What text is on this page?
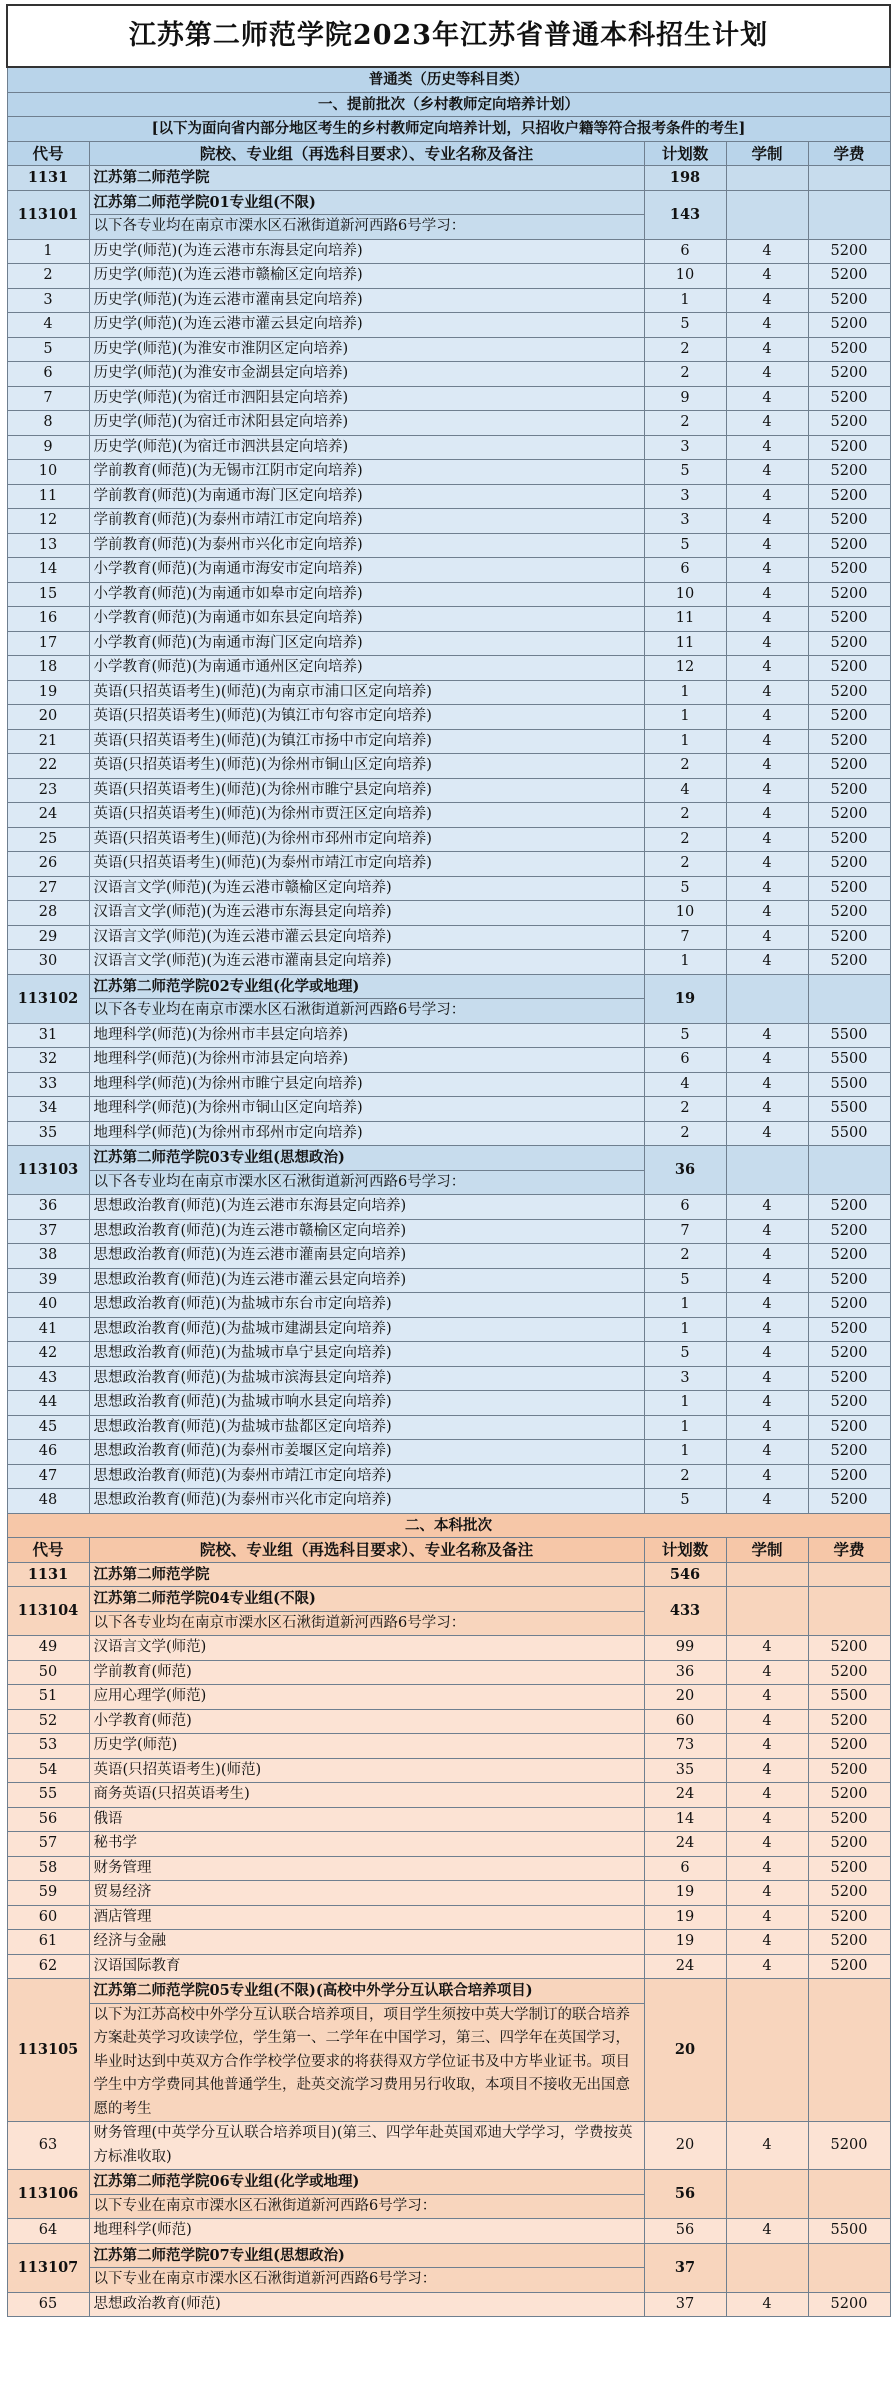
江苏第二师范学院2023年江苏省普通本科招生计划				
普通类（历史等科目类）				
一、提前批次（乡村教师定向培养计划）				
[以下为面向省内部分地区考生的乡村教师定向培养计划，只招收户籍等符合报考条件的考生]				
代号	院校、专业组（再选科目要求）、专业名称及备注	计划数	学制	学费
1131	江苏第二师范学院	198		
113101	江苏第二师范学院01专业组(不限)
以下各专业均在南京市溧水区石湫街道新河西路6号学习：	143		
1	历史学(师范)(为连云港市东海县定向培养)	6	4	5200
2	历史学(师范)(为连云港市赣榆区定向培养)	10	4	5200
3	历史学(师范)(为连云港市灌南县定向培养)	1	4	5200
4	历史学(师范)(为连云港市灌云县定向培养)	5	4	5200
5	历史学(师范)(为淮安市淮阴区定向培养)	2	4	5200
6	历史学(师范)(为淮安市金湖县定向培养)	2	4	5200
7	历史学(师范)(为宿迁市泗阳县定向培养)	9	4	5200
8	历史学(师范)(为宿迁市沭阳县定向培养)	2	4	5200
9	历史学(师范)(为宿迁市泗洪县定向培养)	3	4	5200
10	学前教育(师范)(为无锡市江阴市定向培养)	5	4	5200
11	学前教育(师范)(为南通市海门区定向培养)	3	4	5200
12	学前教育(师范)(为泰州市靖江市定向培养)	3	4	5200
13	学前教育(师范)(为泰州市兴化市定向培养)	5	4	5200
14	小学教育(师范)(为南通市海安市定向培养)	6	4	5200
15	小学教育(师范)(为南通市如皋市定向培养)	10	4	5200
16	小学教育(师范)(为南通市如东县定向培养)	11	4	5200
17	小学教育(师范)(为南通市海门区定向培养)	11	4	5200
18	小学教育(师范)(为南通市通州区定向培养)	12	4	5200
19	英语(只招英语考生)(师范)(为南京市浦口区定向培养)	1	4	5200
20	英语(只招英语考生)(师范)(为镇江市句容市定向培养)	1	4	5200
21	英语(只招英语考生)(师范)(为镇江市扬中市定向培养)	1	4	5200
22	英语(只招英语考生)(师范)(为徐州市铜山区定向培养)	2	4	5200
23	英语(只招英语考生)(师范)(为徐州市睢宁县定向培养)	4	4	5200
24	英语(只招英语考生)(师范)(为徐州市贾汪区定向培养)	2	4	5200
25	英语(只招英语考生)(师范)(为徐州市邳州市定向培养)	2	4	5200
26	英语(只招英语考生)(师范)(为泰州市靖江市定向培养)	2	4	5200
27	汉语言文学(师范)(为连云港市赣榆区定向培养)	5	4	5200
28	汉语言文学(师范)(为连云港市东海县定向培养)	10	4	5200
29	汉语言文学(师范)(为连云港市灌云县定向培养)	7	4	5200
30	汉语言文学(师范)(为连云港市灌南县定向培养)	1	4	5200
113102	江苏第二师范学院02专业组(化学或地理)
以下各专业均在南京市溧水区石湫街道新河西路6号学习：	19		
31	地理科学(师范)(为徐州市丰县定向培养)	5	4	5500
32	地理科学(师范)(为徐州市沛县定向培养)	6	4	5500
33	地理科学(师范)(为徐州市睢宁县定向培养)	4	4	5500
34	地理科学(师范)(为徐州市铜山区定向培养)	2	4	5500
35	地理科学(师范)(为徐州市邳州市定向培养)	2	4	5500
113103	江苏第二师范学院03专业组(思想政治)
以下各专业均在南京市溧水区石湫街道新河西路6号学习：	36		
36	思想政治教育(师范)(为连云港市东海县定向培养)	6	4	5200
37	思想政治教育(师范)(为连云港市赣榆区定向培养)	7	4	5200
38	思想政治教育(师范)(为连云港市灌南县定向培养)	2	4	5200
39	思想政治教育(师范)(为连云港市灌云县定向培养)	5	4	5200
40	思想政治教育(师范)(为盐城市东台市定向培养)	1	4	5200
41	思想政治教育(师范)(为盐城市建湖县定向培养)	1	4	5200
42	思想政治教育(师范)(为盐城市阜宁县定向培养)	5	4	5200
43	思想政治教育(师范)(为盐城市滨海县定向培养)	3	4	5200
44	思想政治教育(师范)(为盐城市响水县定向培养)	1	4	5200
45	思想政治教育(师范)(为盐城市盐都区定向培养)	1	4	5200
46	思想政治教育(师范)(为泰州市姜堰区定向培养)	1	4	5200
47	思想政治教育(师范)(为泰州市靖江市定向培养)	2	4	5200
48	思想政治教育(师范)(为泰州市兴化市定向培养)	5	4	5200
二、本科批次				
代号	院校、专业组（再选科目要求）、专业名称及备注	计划数	学制	学费
1131	江苏第二师范学院	546		
113104	江苏第二师范学院04专业组(不限)
以下各专业均在南京市溧水区石湫街道新河西路6号学习：	433		
49	汉语言文学(师范)	99	4	5200
50	学前教育(师范)	36	4	5200
51	应用心理学(师范)	20	4	5500
52	小学教育(师范)	60	4	5200
53	历史学(师范)	73	4	5200
54	英语(只招英语考生)(师范)	35	4	5200
55	商务英语(只招英语考生)	24	4	5200
56	俄语	14	4	5200
57	秘书学	24	4	5200
58	财务管理	6	4	5200
59	贸易经济	19	4	5200
60	酒店管理	19	4	5200
61	经济与金融	19	4	5200
62	汉语国际教育	24	4	5200
113105	江苏第二师范学院05专业组(不限)(高校中外学分互认联合培养项目)
以下为江苏高校中外学分互认联合培养项目，项目学生须按中英大学制订的联合培养方案赴英学习攻读学位，学生第一、二学年在中国学习，第三、四学年在英国学习，毕业时达到中英双方合作学校学位要求的将获得双方学位证书及中方毕业证书。项目学生中方学费同其他普通学生，赴英交流学习费用另行收取，本项目不接收无出国意愿的考生	20		
63	财务管理(中英学分互认联合培养项目)(第三、四学年赴英国邓迪大学学习，学费按英方标准收取)	20	4	5200
113106	江苏第二师范学院06专业组(化学或地理)
以下专业在南京市溧水区石湫街道新河西路6号学习：	56		
64	地理科学(师范)	56	4	5500
113107	江苏第二师范学院07专业组(思想政治)
以下专业在南京市溧水区石湫街道新河西路6号学习：	37		
65	思想政治教育(师范)	37	4	5200
